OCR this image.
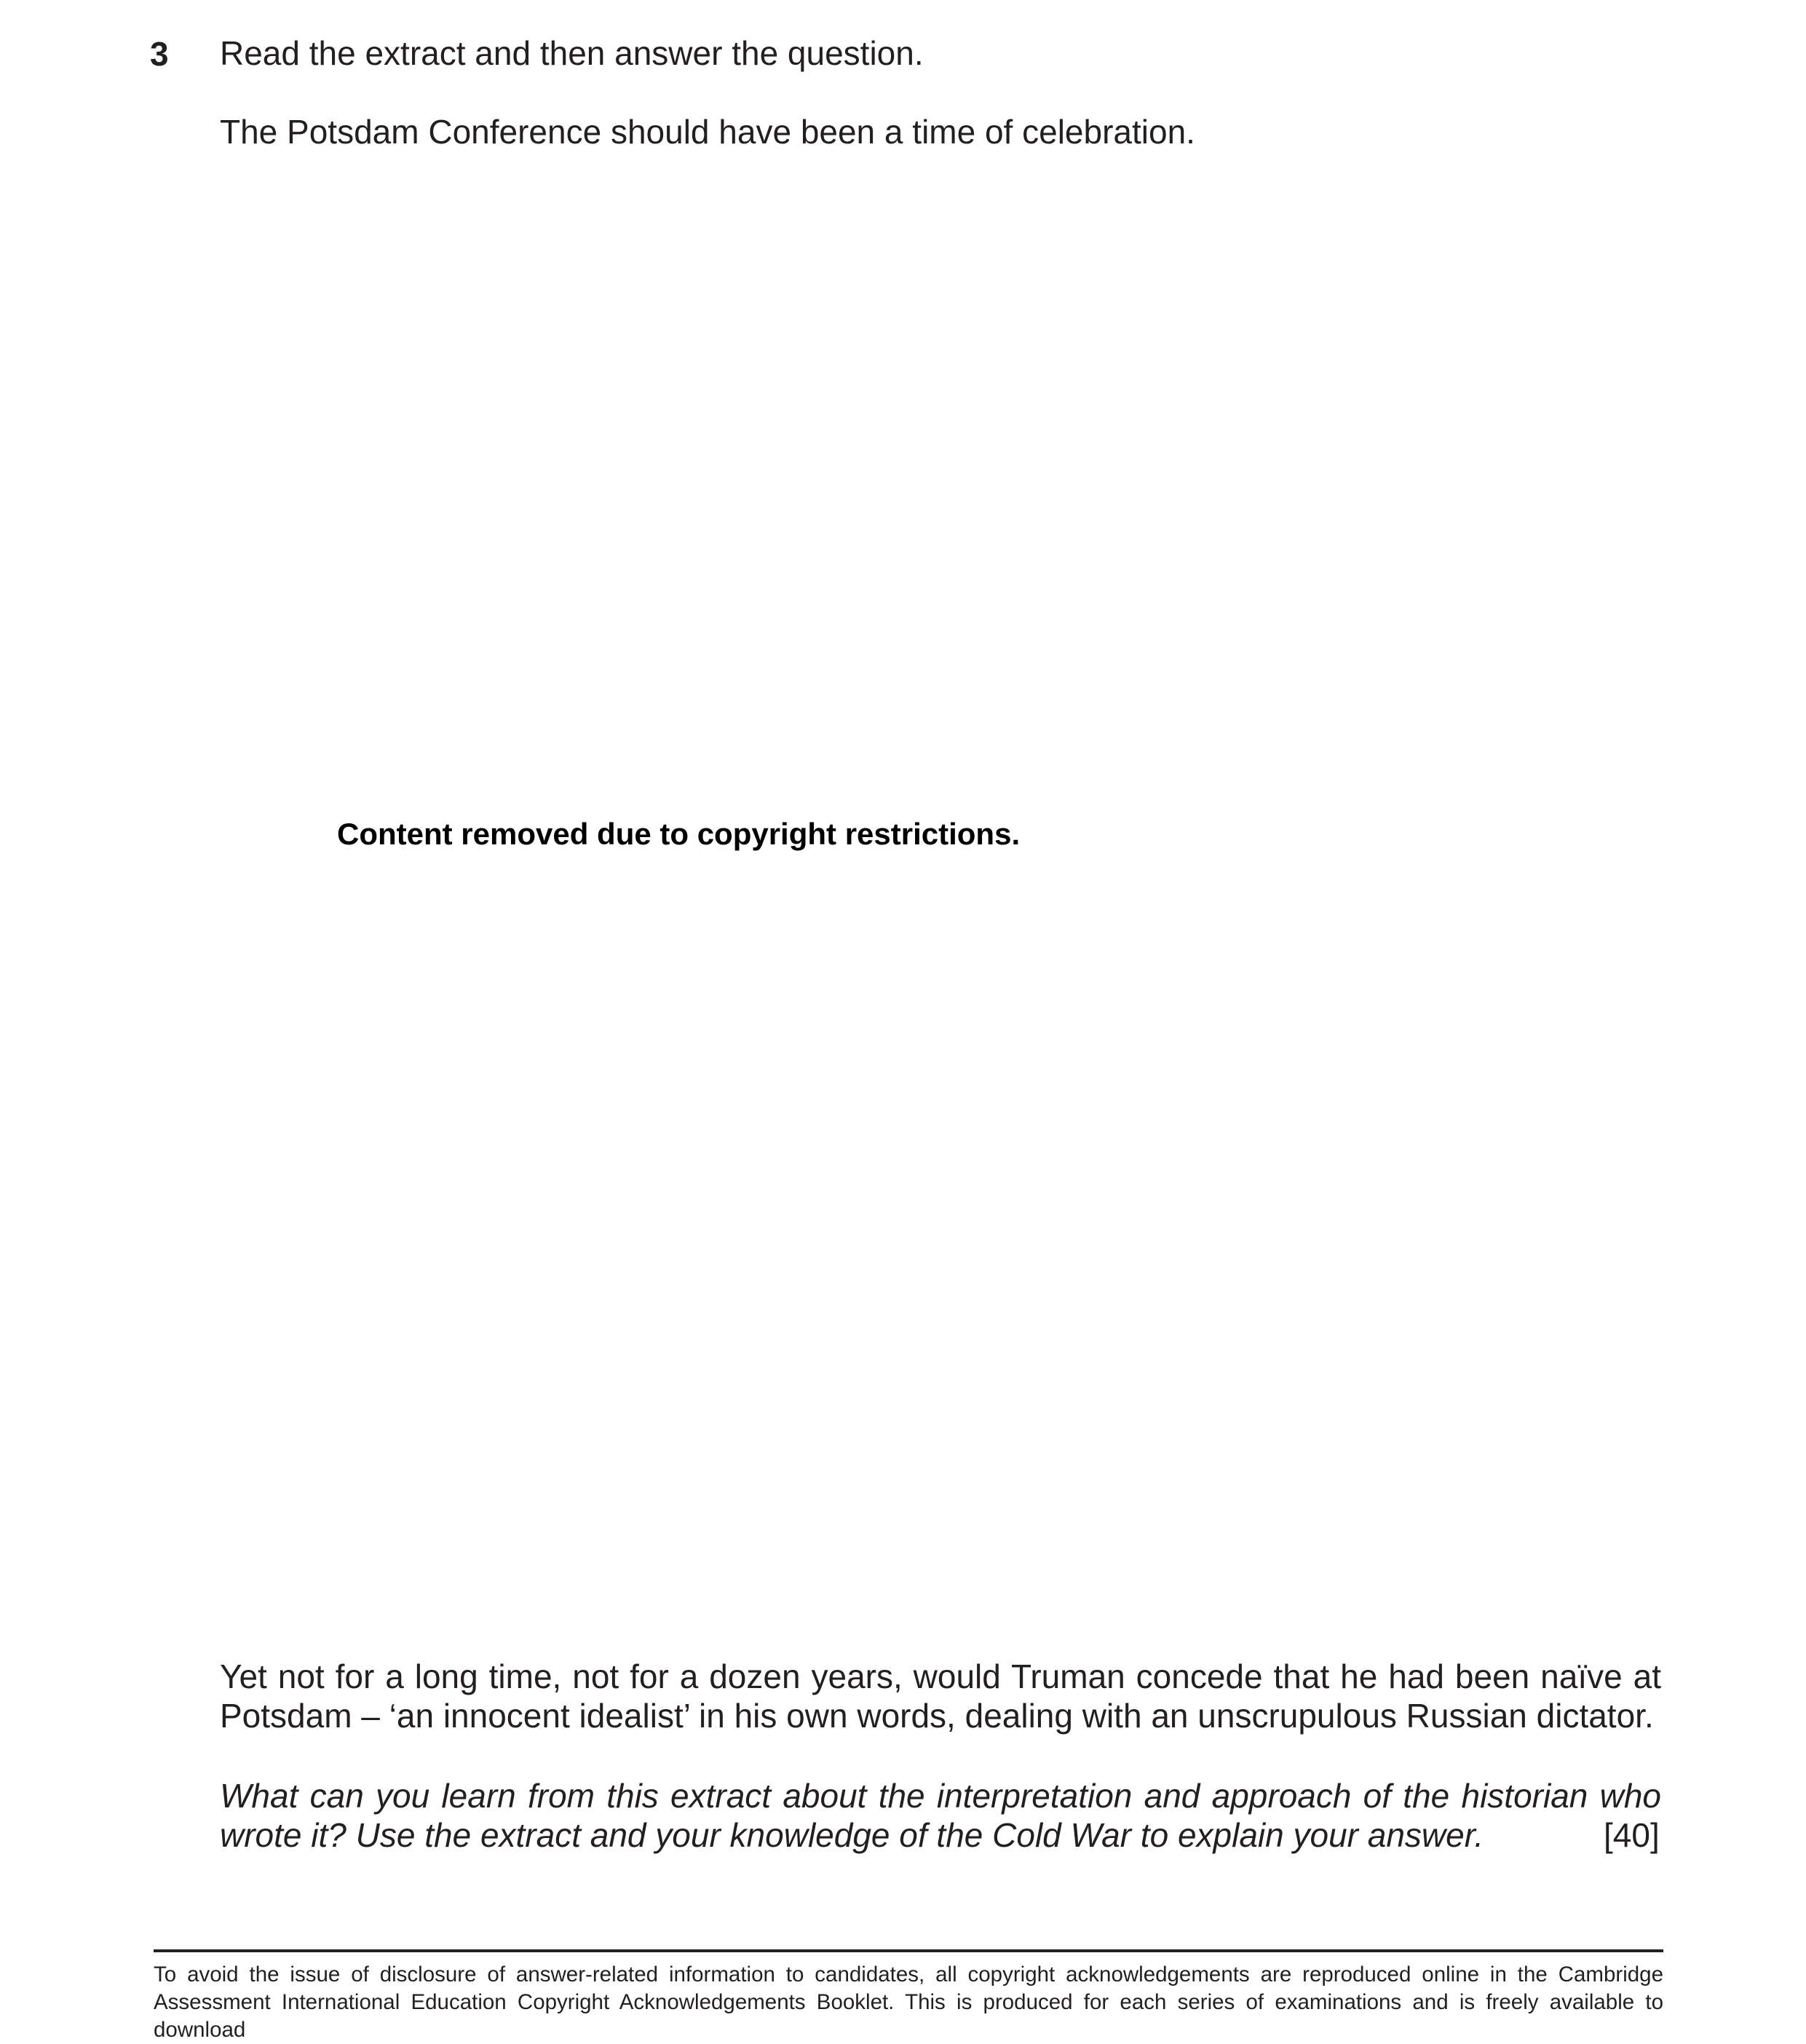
3 Read the extract and then answer the question.
The Potsdam Conference should have been a time of celebration.
Content removed due to copyright restrictions.
Yet not for a long time, not for a dozen years, would Truman concede that he had been naïve at Potsdam – ‘an innocent idealist’ in his own words, dealing with an unscrupulous Russian dictator.
What can you learn from this extract about the interpretation and approach of the historian who wrote it? Use the extract and your knowledge of the Cold War to explain your answer.	[40]
To avoid the issue of disclosure of answer-related information to candidates, all copyright acknowledgements are reproduced online in the Cambridge Assessment International Education Copyright Acknowledgements Booklet. This is produced for each series of examinations and is freely available to download
